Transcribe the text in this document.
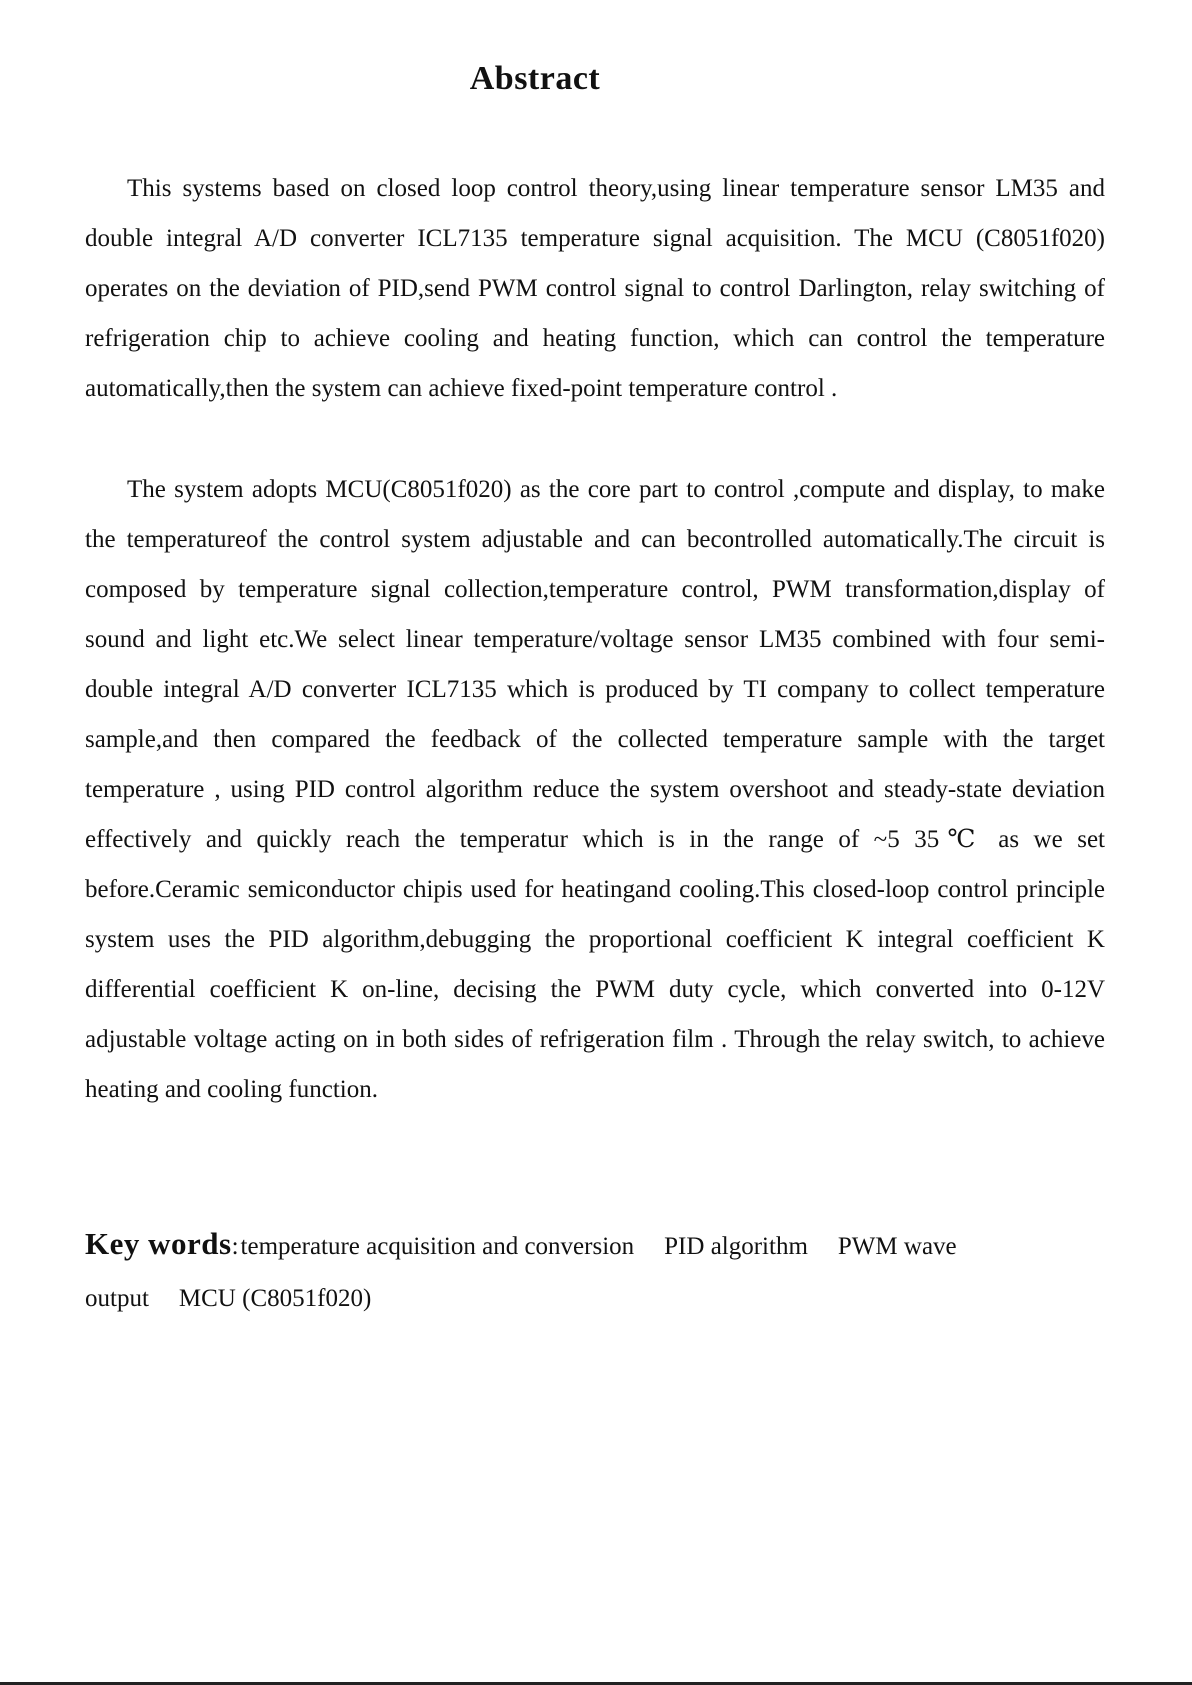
Abstract

This systems based on closed loop control theory,using linear temperature sensor LM35 and double integral A/D converter ICL7135 temperature signal acquisition. The MCU (C8051f020) operates on the deviation of PID,send PWM control signal to control Darlington, relay switching of refrigeration chip to achieve cooling and heating function, which can control the temperature automatically,then the system can achieve fixed-point temperature control .

The system adopts MCU(C8051f020) as the core part to control ,compute and display, to make the temperatureof the control system adjustable and can becontrolled automatically.The circuit is composed by temperature signal collection,temperature control, PWM transformation,display of sound and light etc.We select linear temperature/voltage sensor LM35 combined with four semi-double integral A/D converter ICL7135 which is produced by TI company to collect temperature sample,and then compared the feedback of the collected temperature sample with the target temperature , using PID control algorithm reduce the system overshoot and steady-state deviation effectively and quickly reach the temperatur which is in the range of ~5 35℃ as we set before.Ceramic semiconductor chipis used for heatingand cooling.This closed-loop control principle system uses the PID algorithm,debugging the proportional coefficient K integral coefficient K differential coefficient K on-line, decising the PWM duty cycle, which converted into 0-12V adjustable voltage acting on in both sides of refrigeration film . Through the relay switch, to achieve heating and cooling function.

Key words:temperature acquisition and conversion PID algorithm PWM wave output MCU (C8051f020)
